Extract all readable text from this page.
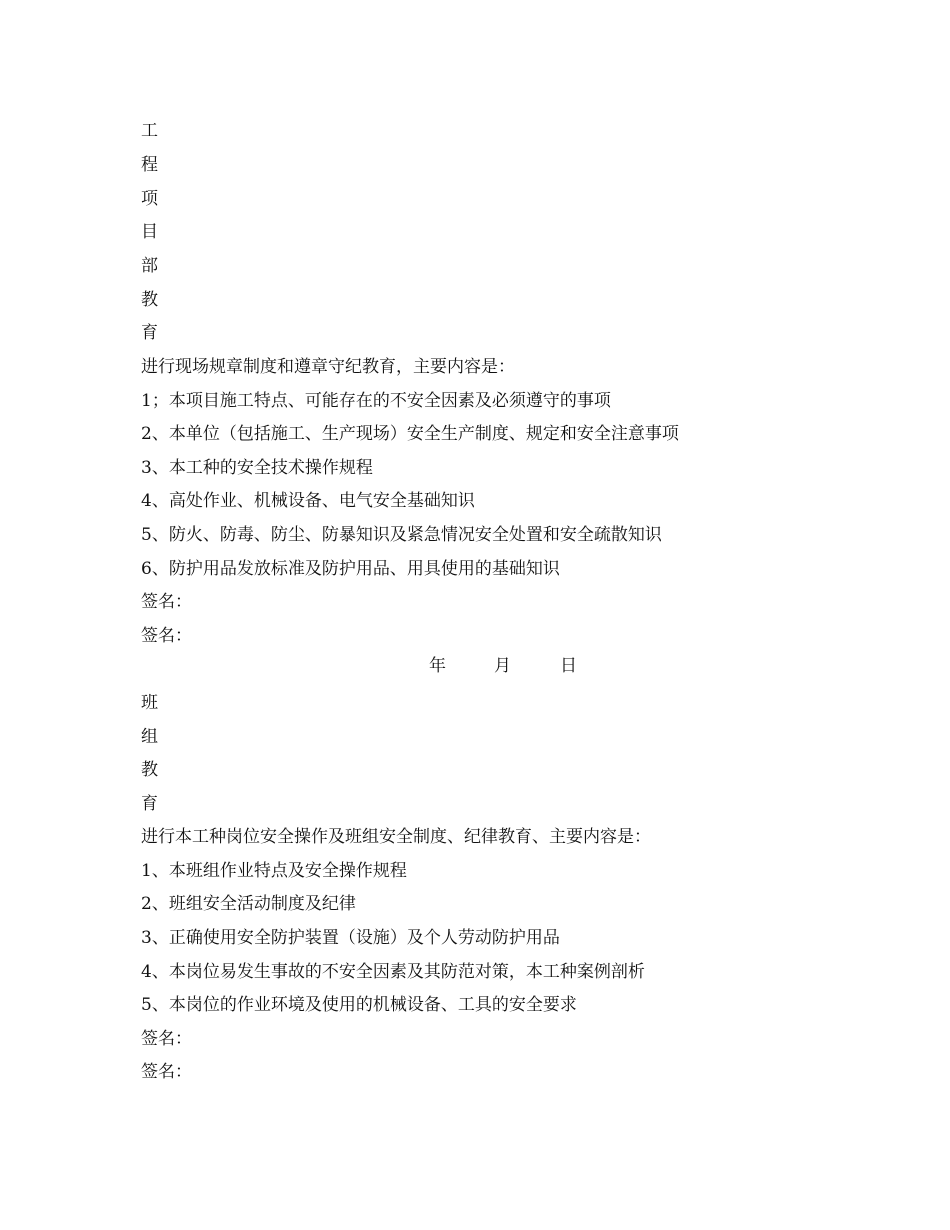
工
程
项
目
部
教
育
进行现场规章制度和遵章守纪教育，主要内容是：
1；本项目施工特点、可能存在的不安全因素及必须遵守的事项
2、本单位（包括施工、生产现场）安全生产制度、规定和安全注意事项
3、本工种的安全技术操作规程
4、高处作业、机械设备、电气安全基础知识
5、防火、防毒、防尘、防暴知识及紧急情况安全处置和安全疏散知识
6、防护用品发放标准及防护用品、用具使用的基础知识
签名：
签名：
年	月	日
班
组
教
育
进行本工种岗位安全操作及班组安全制度、纪律教育、主要内容是：
1、本班组作业特点及安全操作规程
2、班组安全活动制度及纪律
3、正确使用安全防护装置（设施）及个人劳动防护用品
4、本岗位易发生事故的不安全因素及其防范对策，本工种案例剖析
5、本岗位的作业环境及使用的机械设备、工具的安全要求
签名：
签名：
